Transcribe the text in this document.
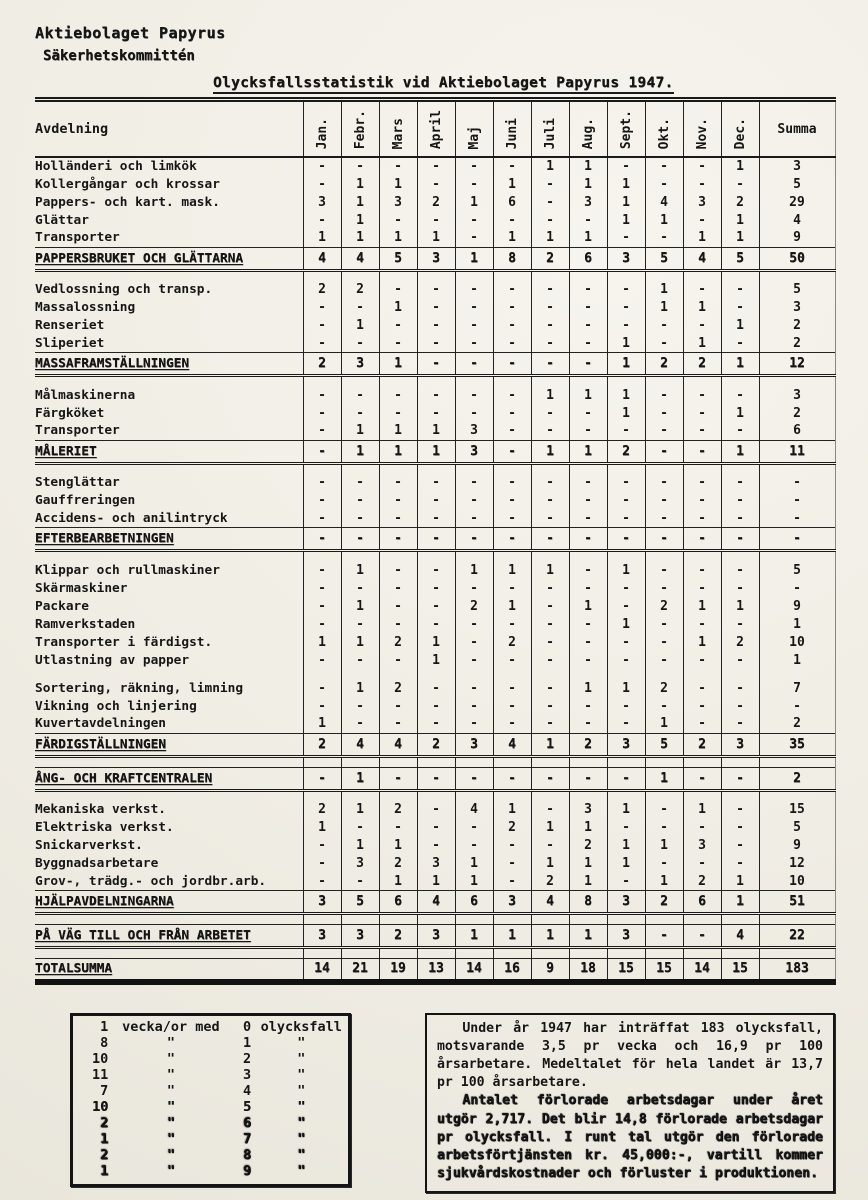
Aktiebolaget Papyrus
Säkerhetskommittén
Olycksfallsstatistik vid Aktiebolaget Papyrus 1947.
Avdelning	Jan.	Febr.	Mars	April	Maj	Juni	Juli	Aug.	Sept.	Okt.	Nov.	Dec.	Summa
Holländeri och limkök	-	-	-	-	-	-	1	1	-	-	-	1	3
Kollergångar och krossar	-	1	1	-	-	1	-	1	1	-	-	-	5
Pappers- och kart. mask.	3	1	3	2	1	6	-	3	1	4	3	2	29
Glättar	-	1	-	-	-	-	-	-	1	1	-	1	4
Transporter	1	1	1	1	-	1	1	1	-	-	1	1	9
PAPPERSBRUKET OCH GLÄTTARNA	4	4	5	3	1	8	2	6	3	5	4	5	50

Vedlossning och transp.	2	2	-	-	-	-	-	-	-	1	-	-	5
Massalossning	-	-	1	-	-	-	-	-	-	1	1	-	3
Renseriet	-	1	-	-	-	-	-	-	-	-	-	1	2
Sliperiet	-	-	-	-	-	-	-	-	1	-	1	-	2
MASSAFRAMSTÄLLNINGEN	2	3	1	-	-	-	-	-	1	2	2	1	12

Målmaskinerna	-	-	-	-	-	-	1	1	1	-	-	-	3
Färgköket	-	-	-	-	-	-	-	-	1	-	-	1	2
Transporter	-	1	1	1	3	-	-	-	-	-	-	-	6
MÅLERIET	-	1	1	1	3	-	1	1	2	-	-	1	11

Stenglättar	-	-	-	-	-	-	-	-	-	-	-	-	-
Gauffreringen	-	-	-	-	-	-	-	-	-	-	-	-	-
Accidens- och anilintryck	-	-	-	-	-	-	-	-	-	-	-	-	-
EFTERBEARBETNINGEN	-	-	-	-	-	-	-	-	-	-	-	-	-

Klippar och rullmaskiner	-	1	-	-	1	1	1	-	1	-	-	-	5
Skärmaskiner	-	-	-	-	-	-	-	-	-	-	-	-	-
Packare	-	1	-	-	2	1	-	1	-	2	1	1	9
Ramverkstaden	-	-	-	-	-	-	-	-	1	-	-	-	1
Transporter i färdigst.	1	1	2	1	-	2	-	-	-	-	1	2	10
Utlastning av papper	-	-	-	1	-	-	-	-	-	-	-	-	1

Sortering, räkning, limning	-	1	2	-	-	-	-	1	1	2	-	-	7
Vikning och linjering	-	-	-	-	-	-	-	-	-	-	-	-	-
Kuvertavdelningen	1	-	-	-	-	-	-	-	-	1	-	-	2
FÄRDIGSTÄLLNINGEN	2	4	4	2	3	4	1	2	3	5	2	3	35

ÅNG- OCH KRAFTCENTRALEN	-	1	-	-	-	-	-	-	-	1	-	-	2

Mekaniska verkst.	2	1	2	-	4	1	-	3	1	-	1	-	15
Elektriska verkst.	1	-	-	-	-	2	1	1	-	-	-	-	5
Snickarverkst.	-	1	1	-	-	-	-	2	1	1	3	-	9
Byggnadsarbetare	-	3	2	3	1	-	1	1	1	-	-	-	12
Grov-, trädg.- och jordbr.arb.	-	-	1	1	1	-	2	1	-	1	2	1	10
HJÄLPAVDELNINGARNA	3	5	6	4	6	3	4	8	3	2	6	1	51

PÅ VÄG TILL OCH FRÅN ARBETET	3	3	2	3	1	1	1	1	3	-	-	4	22

TOTALSUMMA	14	21	19	13	14	16	9	18	15	15	14	15	183
1	vecka/or med	0	olycksfall
8	"	1	"
10	"	2	"
11	"	3	"
7	"	4	"
10	"	5	"
2	"	6	"
1	"	7	"
2	"	8	"
1	"	9	"

Under år 1947 har inträffat 183 olycksfall, motsvarande 3,5 pr vecka och 16,9 pr 100 årsarbetare. Medeltalet för hela landet är 13,7 pr 100 årsarbetare.

Antalet förlorade arbetsdagar under året utgör 2,717. Det blir 14,8 förlorade arbetsdagar pr olycksfall. I runt tal utgör den förlorade arbetsförtjänsten kr. 45,000:-, vartill kommer sjukvårdskostnader och förluster i produktionen.
